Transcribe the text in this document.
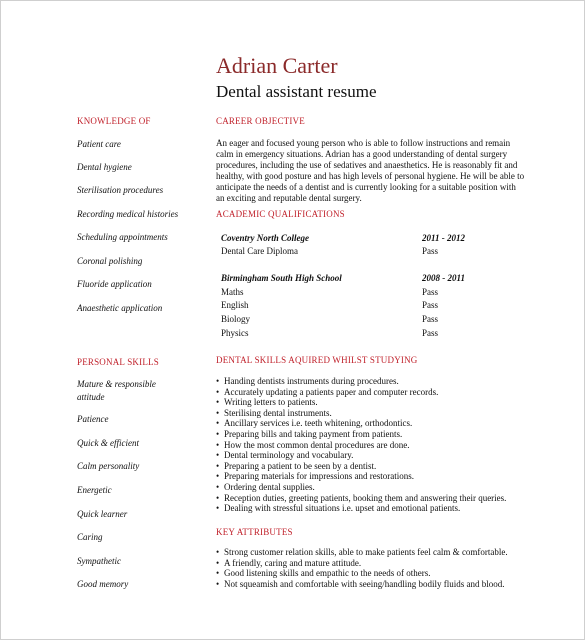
Adrian Carter
Dental assistant resume
KNOWLEDGE OF
Patient care
Dental hygiene
Sterilisation procedures
Recording medical histories
Scheduling appointments
Coronal polishing
Fluoride application
Anaesthetic application
PERSONAL SKILLS
Mature & responsible attitude
Patience
Quick & efficient
Calm personality
Energetic
Quick learner
Caring
Sympathetic
Good memory
CAREER OBJECTIVE
An eager and focused young person who is able to follow instructions and remain calm in emergency situations. Adrian has a good understanding of dental surgery procedures, including the use of sedatives and anaesthetics. He is reasonably fit and healthy, with good posture and has high levels of personal hygiene. He will be able to anticipate the needs of a dentist and is currently looking for a suitable position with an exciting and reputable dental surgery.
ACADEMIC QUALIFICATIONS
Coventry North College	2011 - 2012
Dental Care Diploma	Pass
Birmingham South High School	2008 - 2011
Maths	Pass
English	Pass
Biology	Pass
Physics	Pass
DENTAL SKILLS AQUIRED WHILST STUDYING
• Handing dentists instruments during procedures.
• Accurately updating a patients paper and computer records.
• Writing letters to patients.
• Sterilising dental instruments.
• Ancillary services i.e. teeth whitening, orthodontics.
• Preparing bills and taking payment from patients.
• How the most common dental procedures are done.
• Dental terminology and vocabulary.
• Preparing a patient to be seen by a dentist.
• Preparing materials for impressions and restorations.
• Ordering dental supplies.
• Reception duties, greeting patients, booking them and answering their queries.
• Dealing with stressful situations i.e. upset and emotional patients.
KEY ATTRIBUTES
• Strong customer relation skills, able to make patients feel calm & comfortable.
• A friendly, caring and mature attitude.
• Good listening skills and empathic to the needs of others.
• Not squeamish and comfortable with seeing/handling bodily fluids and blood.
